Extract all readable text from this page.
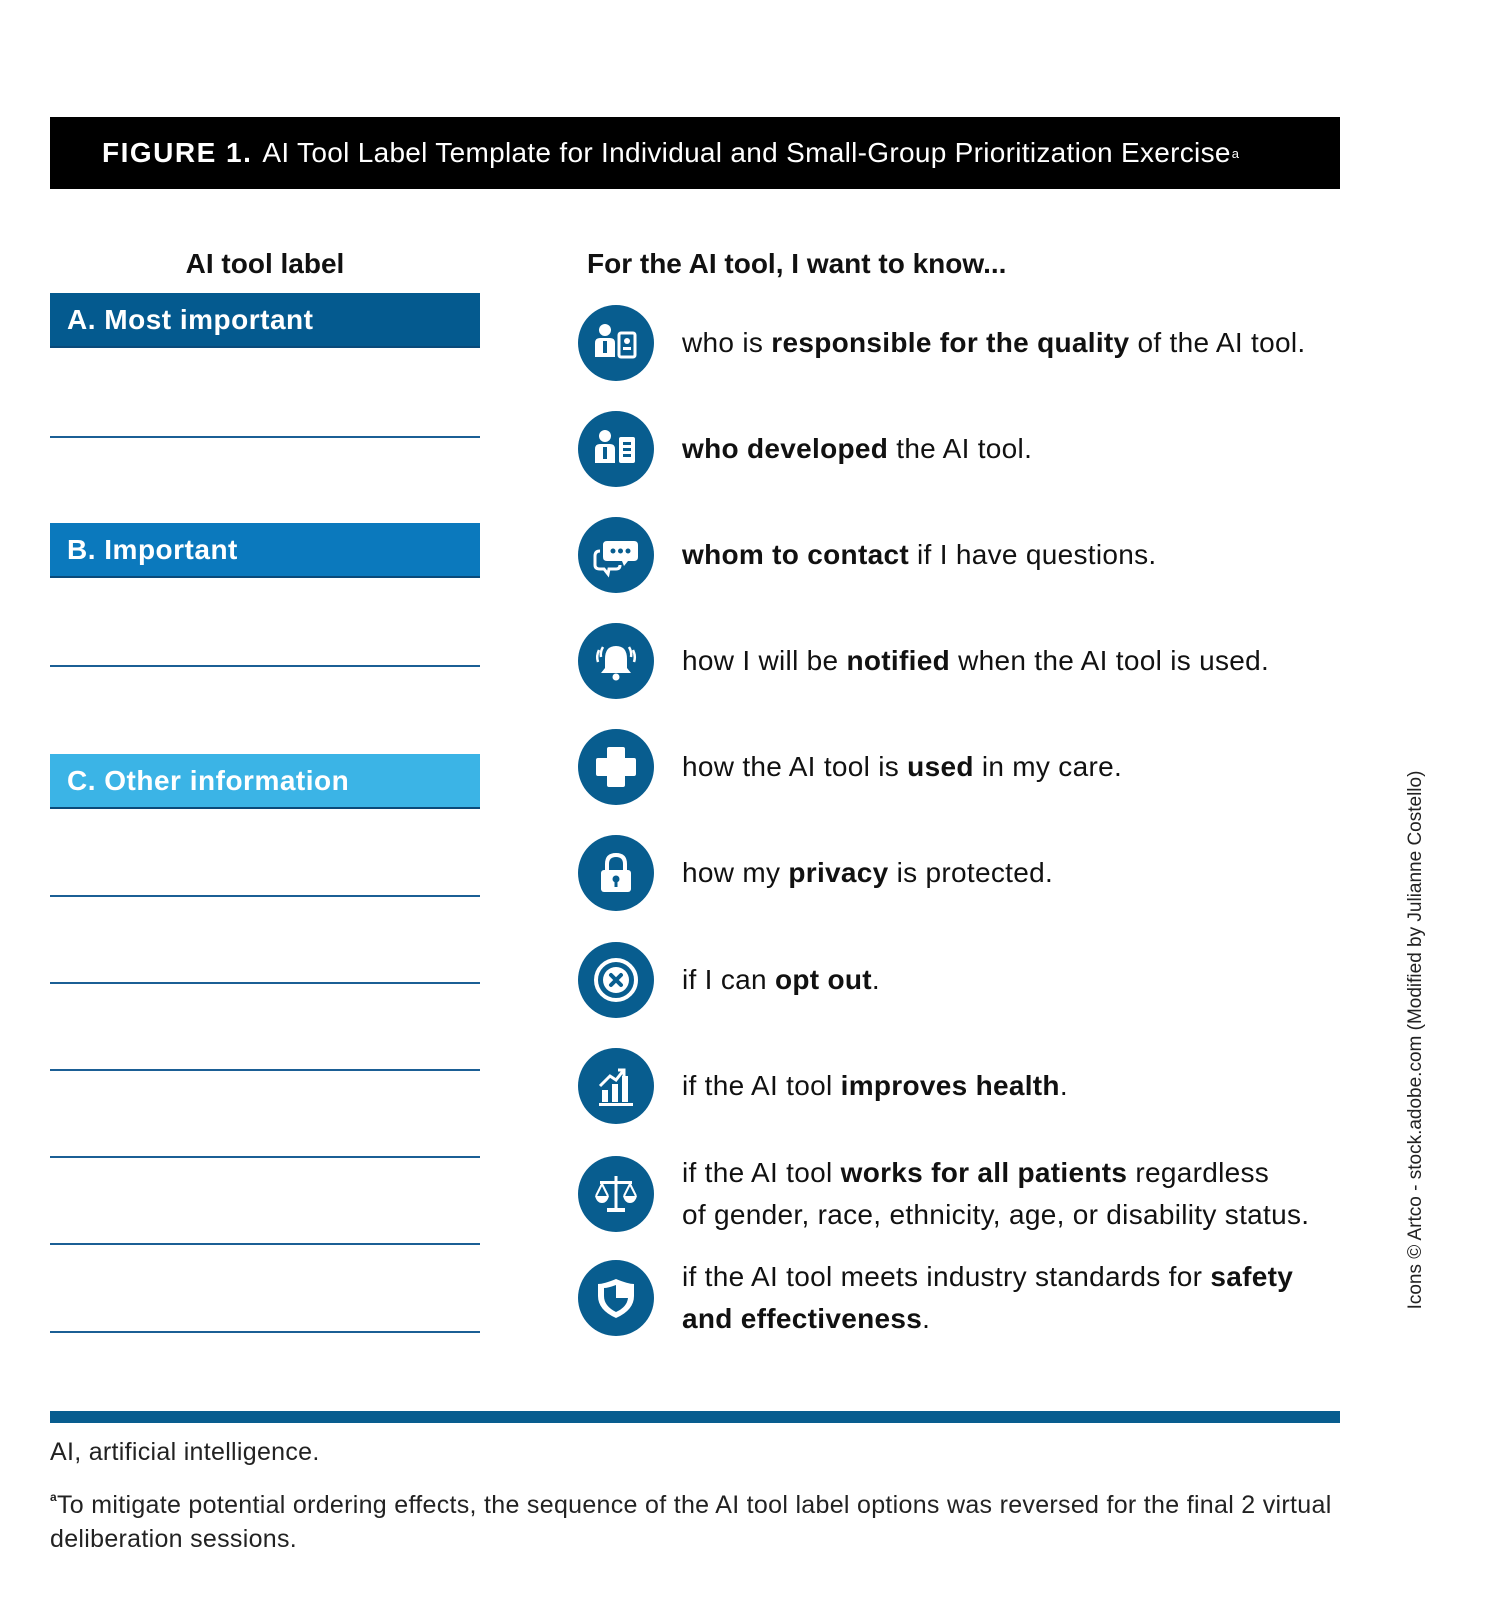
FIGURE 1. AI Tool Label Template for Individual and Small-Group Prioritization Exercise a
AI tool label
A. Most important
B. Important
C. Other information
For the AI tool, I want to know...
who is responsible for the quality of the AI tool.
who developed the AI tool.
whom to contact if I have questions.
how I will be notified when the AI tool is used.
how the AI tool is used in my care.
how my privacy is protected.
if I can opt out.
if the AI tool improves health.
if the AI tool works for all patients regardless
of gender, race, ethnicity, age, or disability status.
if the AI tool meets industry standards for safety
and effectiveness.
Icons © Artco - stock.adobe.com (Modified by Julianne Costello)
AI, artificial intelligence.
$^a$To mitigate potential ordering effects, the sequence of the AI tool label options was reversed for the final 2 virtual deliberation sessions.
